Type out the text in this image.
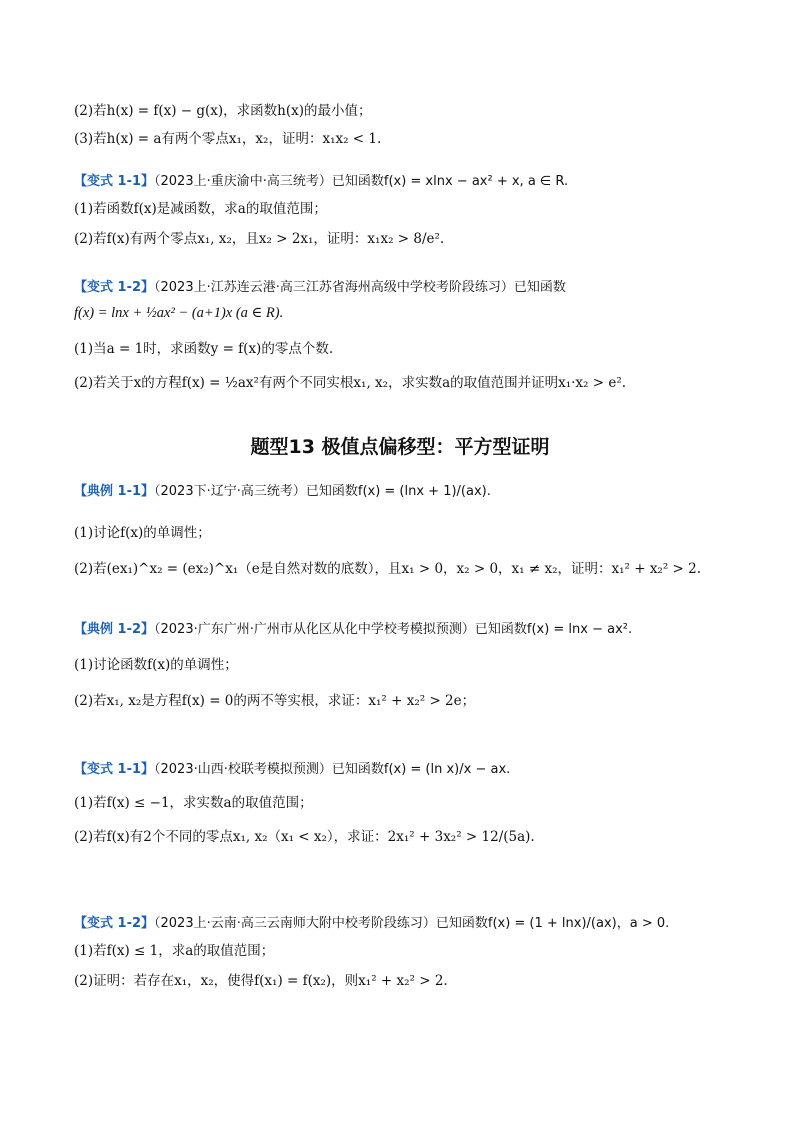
(2)若h(x) = f(x) − g(x)，求函数h(x)的最小值；
(3)若h(x) = a有两个零点x₁，x₂，证明：x₁x₂ < 1.
【变式 1-1】（2023上·重庆渝中·高三统考）已知函数f(x) = xlnx − ax² + x, a ∈ R.
(1)若函数f(x)是减函数，求a的取值范围；
(2)若f(x)有两个零点x₁, x₂，且x₂ > 2x₁，证明：x₁x₂ > 8/e².
【变式 1-2】（2023上·江苏连云港·高三江苏省海州高级中学校考阶段练习）已知函数
f(x) = lnx + ½ax² − (a+1)x (a ∈ R).
(1)当a = 1时，求函数y = f(x)的零点个数.
(2)若关于x的方程f(x) = ½ax²有两个不同实根x₁, x₂，求实数a的取值范围并证明x₁·x₂ > e².
题型13 极值点偏移型：平方型证明
【典例 1-1】（2023下·辽宁·高三统考）已知函数f(x) = (lnx + 1)/(ax).
(1)讨论f(x)的单调性；
(2)若(ex₁)^x₂ = (ex₂)^x₁（e是自然对数的底数），且x₁ > 0，x₂ > 0，x₁ ≠ x₂，证明：x₁² + x₂² > 2.
【典例 1-2】（2023·广东广州·广州市从化区从化中学校考模拟预测）已知函数f(x) = lnx − ax².
(1)讨论函数f(x)的单调性；
(2)若x₁, x₂是方程f(x) = 0的两不等实根，求证：x₁² + x₂² > 2e；
【变式 1-1】（2023·山西·校联考模拟预测）已知函数f(x) = (ln x)/x − ax.
(1)若f(x) ≤ −1，求实数a的取值范围；
(2)若f(x)有2个不同的零点x₁, x₂（x₁ < x₂），求证：2x₁² + 3x₂² > 12/(5a).
【变式 1-2】（2023上·云南·高三云南师大附中校考阶段练习）已知函数f(x) = (1 + lnx)/(ax)，a > 0.
(1)若f(x) ≤ 1，求a的取值范围；
(2)证明：若存在x₁，x₂，使得f(x₁) = f(x₂)，则x₁² + x₂² > 2.
